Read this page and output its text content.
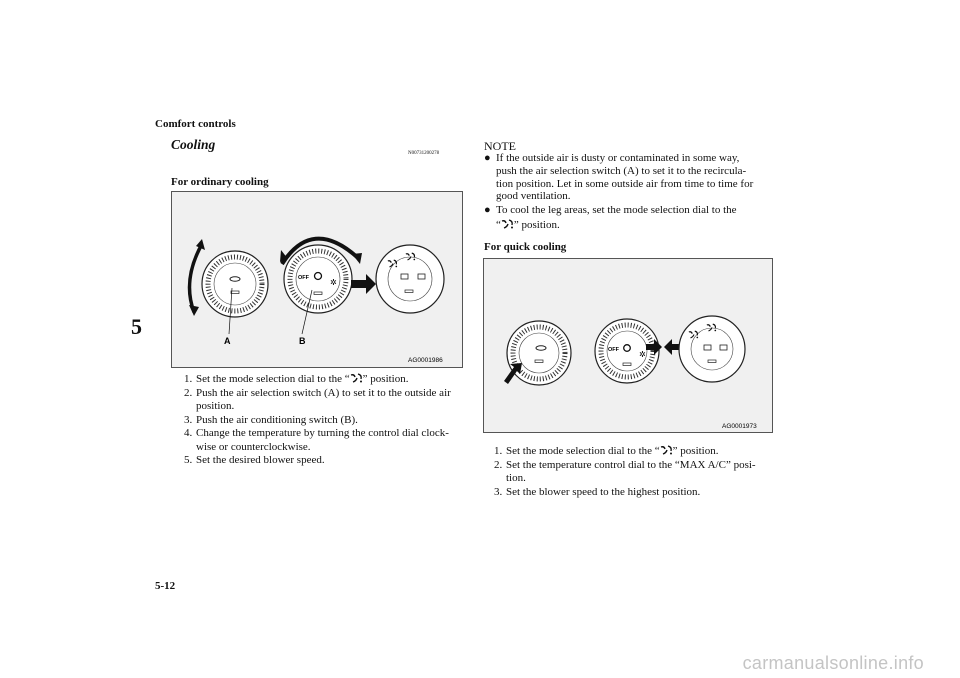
Comfort controls
5
5-12
Cooling
N00731200278
For ordinary cooling
OFF	✲
A	B
AG0001986
1. Set the mode selection dial to the “ ” position.
2. Push the air selection switch (A) to set it to the outside air
position.
3. Push the air conditioning switch (B).
4. Change the temperature by turning the control dial clock-
wise or counterclockwise.
5. Set the desired blower speed.
NOTE
● If the outside air is dusty or contaminated in some way,
push the air selection switch (A) to set it to the recircula-
tion position. Let in some outside air from time to time for
good ventilation.
● To cool the leg areas, set the mode selection dial to the
“ ” position.
For quick cooling
OFF	✲
AG0001973
1. Set the mode selection dial to the “ ” position.
2. Set the temperature control dial to the “MAX A/C” posi-
tion.
3. Set the blower speed to the highest position.
carmanualsonline.info
